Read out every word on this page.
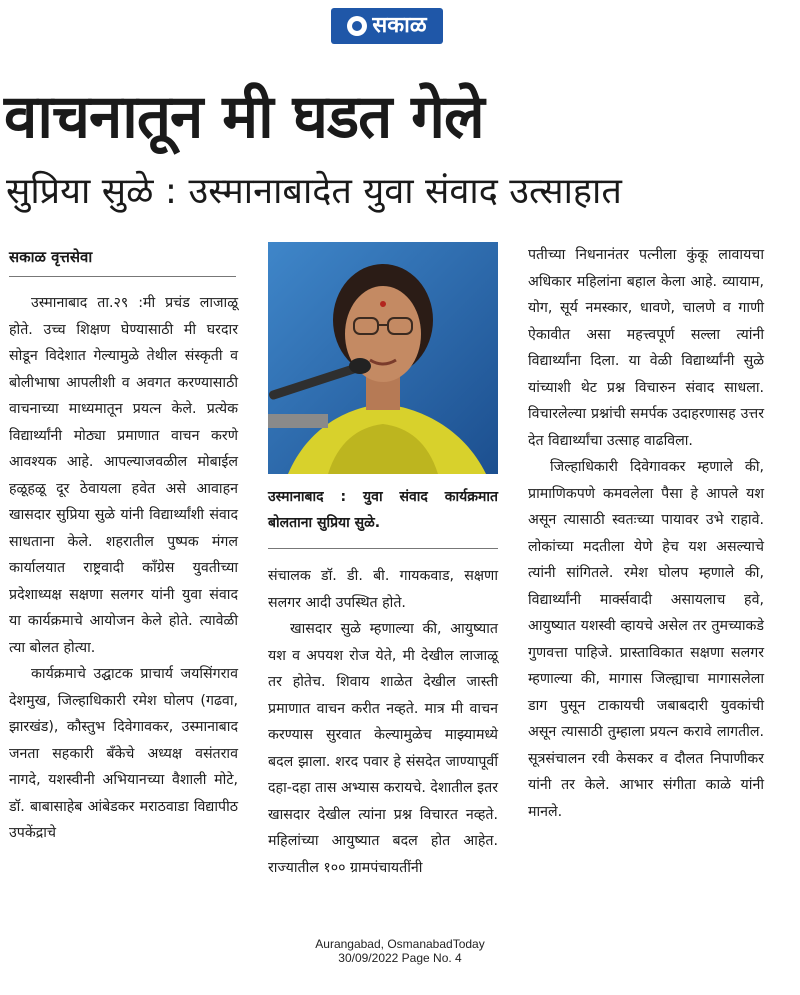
सकाळ
वाचनातून मी घडत गेले
सुप्रिया सुळे : उस्मानाबादेत युवा संवाद उत्साहात
सकाळ वृत्तसेवा

उस्मानाबाद ता.२९ :मी प्रचंड लाजाळू होते. उच्च शिक्षण घेण्यासाठी मी घरदार सोडून विदेशात गेल्यामुळे तेथील संस्कृती व बोलीभाषा आपलीशी व अवगत करण्यासाठी वाचनाच्या माध्यमातून प्रयत्न केले. प्रत्येक विद्यार्थ्यांनी मोठ्या प्रमाणात वाचन करणे आवश्यक आहे. आपल्याजवळील मोबाईल हळूहळू दूर ठेवायला हवेत असे आवाहन खासदार सुप्रिया सुळे यांनी विद्यार्थ्यांशी संवाद साधताना केले. शहरातील पुष्पक मंगल कार्यालयात राष्ट्रवादी कॉंग्रेस युवतीच्या प्रदेशाध्यक्ष सक्षणा सलगर यांनी युवा संवाद या कार्यक्रमाचे आयोजन केले होते. त्यावेळी त्या बोलत होत्या.

कार्यक्रमाचे उद्घाटक प्राचार्य जयसिंगराव देशमुख, जिल्हाधिकारी रमेश घोलप (गढवा, झारखंड), कौस्तुभ दिवेगावकर, उस्मानाबाद जनता सहकारी बँकेचे अध्यक्ष वसंतराव नागदे, यशस्वीनी अभियानच्या वैशाली मोटे, डॉ. बाबासाहेब आंबेडकर मराठवाडा विद्यापीठ उपकेंद्राचे

उस्मानाबाद : युवा संवाद कार्यक्रमात बोलताना सुप्रिया सुळे.

संचालक डॉ. डी. बी. गायकवाड, सक्षणा सलगर आदी उपस्थित होते.

खासदार सुळे म्हणाल्या की, आयुष्यात यश व अपयश रोज येते, मी देखील लाजाळू तर होतेच. शिवाय शाळेत देखील जास्ती प्रमाणात वाचन करीत नव्हते. मात्र मी वाचन करण्यास सुरवात केल्यामुळेच माझ्यामध्ये बदल झाला. शरद पवार हे संसदेत जाण्यापूर्वी दहा-दहा तास अभ्यास करायचे. देशातील इतर खासदार देखील त्यांना प्रश्न विचारत नव्हते. महिलांच्या आयुष्यात बदल होत आहेत. राज्यातील १०० ग्रामपंचायतींनी

पतीच्या निधनानंतर पत्नीला कुंकू लावायचा अधिकार महिलांना बहाल केला आहे. व्यायाम, योग, सूर्य नमस्कार, धावणे, चालणे व गाणी ऐकावीत असा महत्त्वपूर्ण सल्ला त्यांनी विद्यार्थ्यांना दिला. या वेळी विद्यार्थ्यांनी सुळे यांच्याशी थेट प्रश्न विचारुन संवाद साधला. विचारलेल्या प्रश्नांची समर्पक उदाहरणासह उत्तर देत विद्यार्थ्यांचा उत्साह वाढविला.

जिल्हाधिकारी दिवेगावकर म्हणाले की, प्रामाणिकपणे कमवलेला पैसा हे आपले यश असून त्यासाठी स्वतःच्या पायावर उभे राहावे. लोकांच्या मदतीला येणे हेच यश असल्याचे त्यांनी सांगितले. रमेश घोलप म्हणाले की, विद्यार्थ्यांनी मार्क्सवादी असायलाच हवे, आयुष्यात यशस्वी व्हायचे असेल तर तुमच्याकडे गुणवत्ता पाहिजे. प्रास्ताविकात सक्षणा सलगर म्हणाल्या की, मागास जिल्ह्याचा मागासलेला डाग पुसून टाकायची जबाबदारी युवकांची असून त्यासाठी तुम्हाला प्रयत्न करावे लागतील. सूत्रसंचालन रवी केसकर व दौलत निपाणीकर यांनी तर केले. आभार संगीता काळे यांनी मानले.

Aurangabad, OsmanabadToday
30/09/2022 Page No. 4
